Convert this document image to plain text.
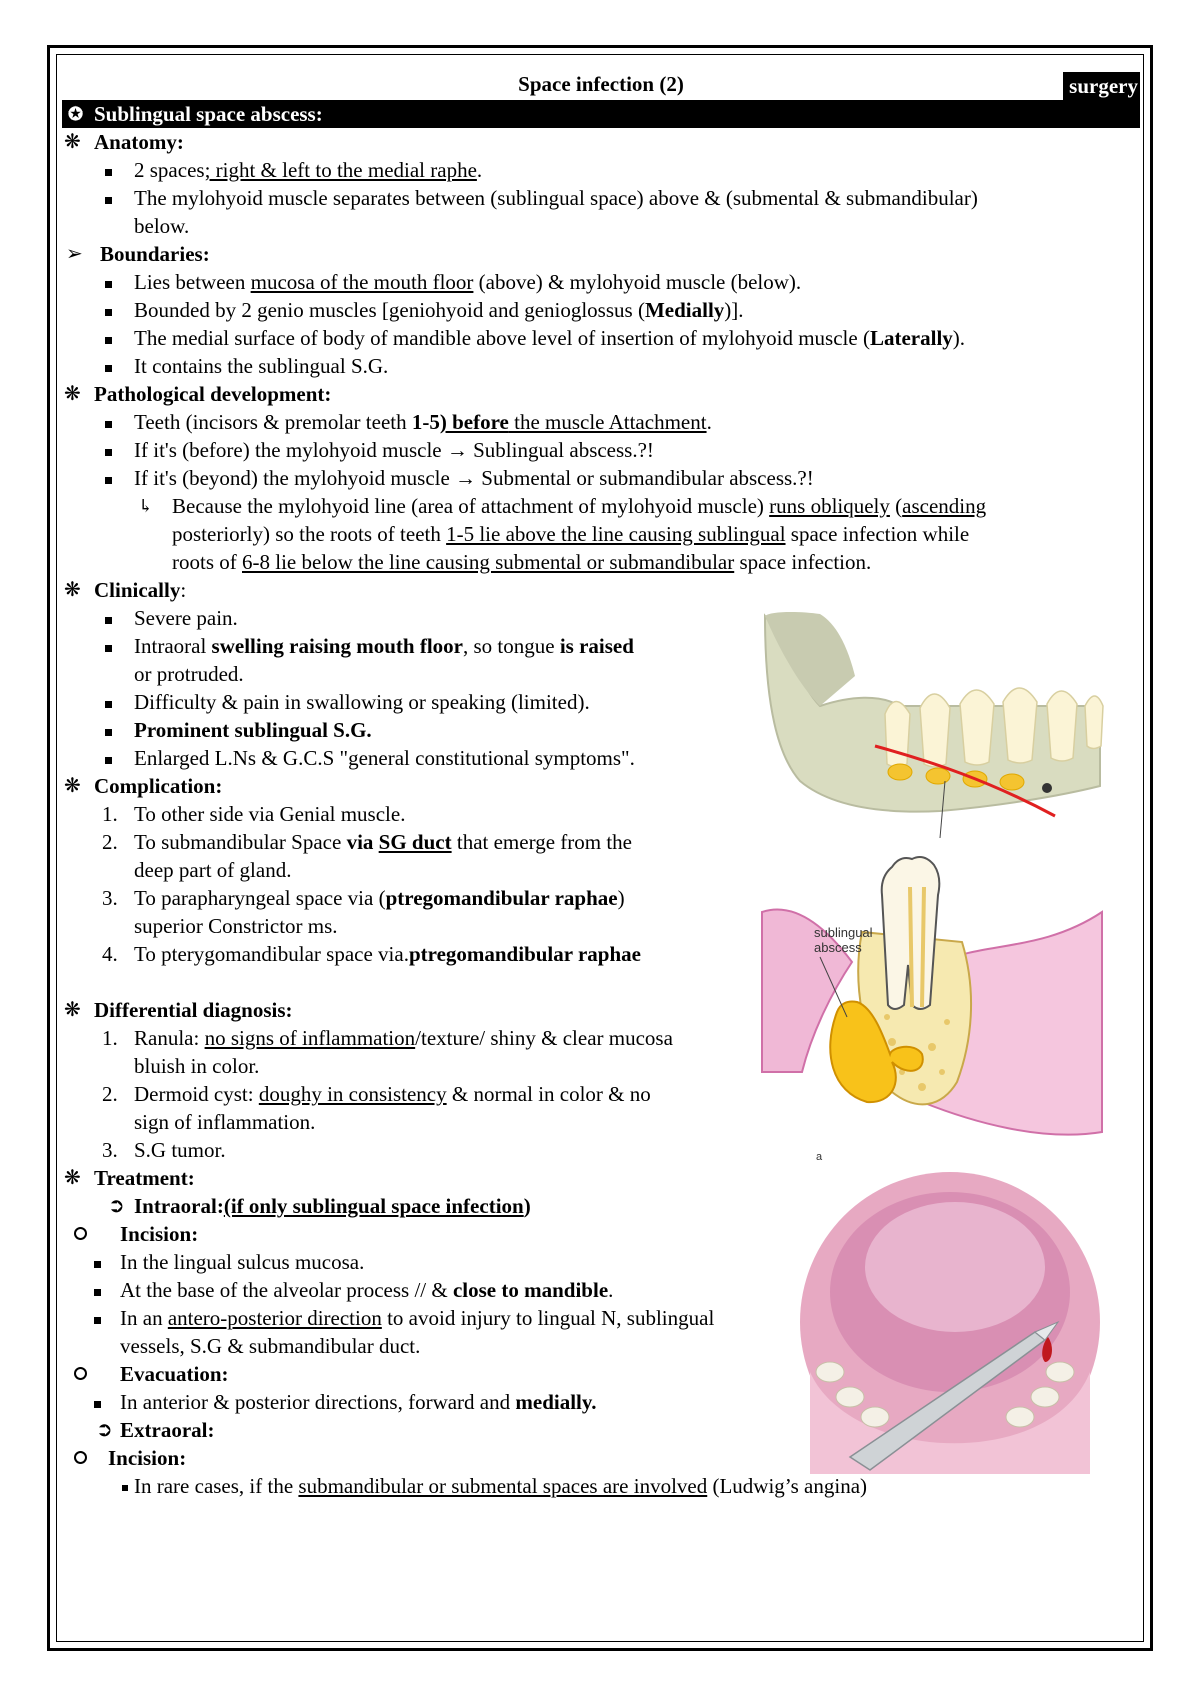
Space infection (2)	surgery
✪ Sublingual space abscess:
❋ Anatomy:
2 spaces; right & left to the medial raphe.
The mylohyoid muscle separates between (sublingual space) above & (submental & submandibular)
below.
➢ Boundaries:
Lies between mucosa of the mouth floor (above) & mylohyoid muscle (below).
Bounded by 2 genio muscles [geniohyoid and genioglossus (Medially)].
The medial surface of body of mandible above level of insertion of mylohyoid muscle (Laterally).
It contains the sublingual S.G.
❋ Pathological development:
Teeth (incisors & premolar teeth 1-5) before the muscle Attachment.
If it's (before) the mylohyoid muscle → Sublingual abscess.?!
If it's (beyond) the mylohyoid muscle → Submental or submandibular abscess.?!
↳ Because the mylohyoid line (area of attachment of mylohyoid muscle) runs obliquely (ascending
posteriorly) so the roots of teeth 1-5 lie above the line causing sublingual space infection while
roots of 6-8 lie below the line causing submental or submandibular space infection.
❋ Clinically:
Severe pain.
Intraoral swelling raising mouth floor, so tongue is raised
or protruded.
Difficulty & pain in swallowing or speaking (limited).
Prominent sublingual S.G.
Enlarged L.Ns & G.C.S "general constitutional symptoms".
❋ Complication:
1. To other side via Genial muscle.
2. To submandibular Space via SG duct that emerge from the
deep part of gland.
3. To parapharyngeal space via (ptregomandibular raphae)
superior Constrictor ms.
4. To pterygomandibular space via.ptregomandibular raphae
❋ Differential diagnosis:
1. Ranula: no signs of inflammation/texture/ shiny & clear mucosa
bluish in color.
2. Dermoid cyst: doughy in consistency & normal in color & no
sign of inflammation.
3. S.G tumor.
❋ Treatment:
➲ Intraoral:(if only sublingual space infection)
Incision:
In the lingual sulcus mucosa.
At the base of the alveolar process // & close to mandible.
In an antero-posterior direction to avoid injury to lingual N, sublingual
vessels, S.G & submandibular duct.
Evacuation:
In anterior & posterior directions, forward and medially.
➲ Extraoral:
Incision:
In rare cases, if the submandibular or submental spaces are involved (Ludwig’s angina)
sublingual
abscess
a
